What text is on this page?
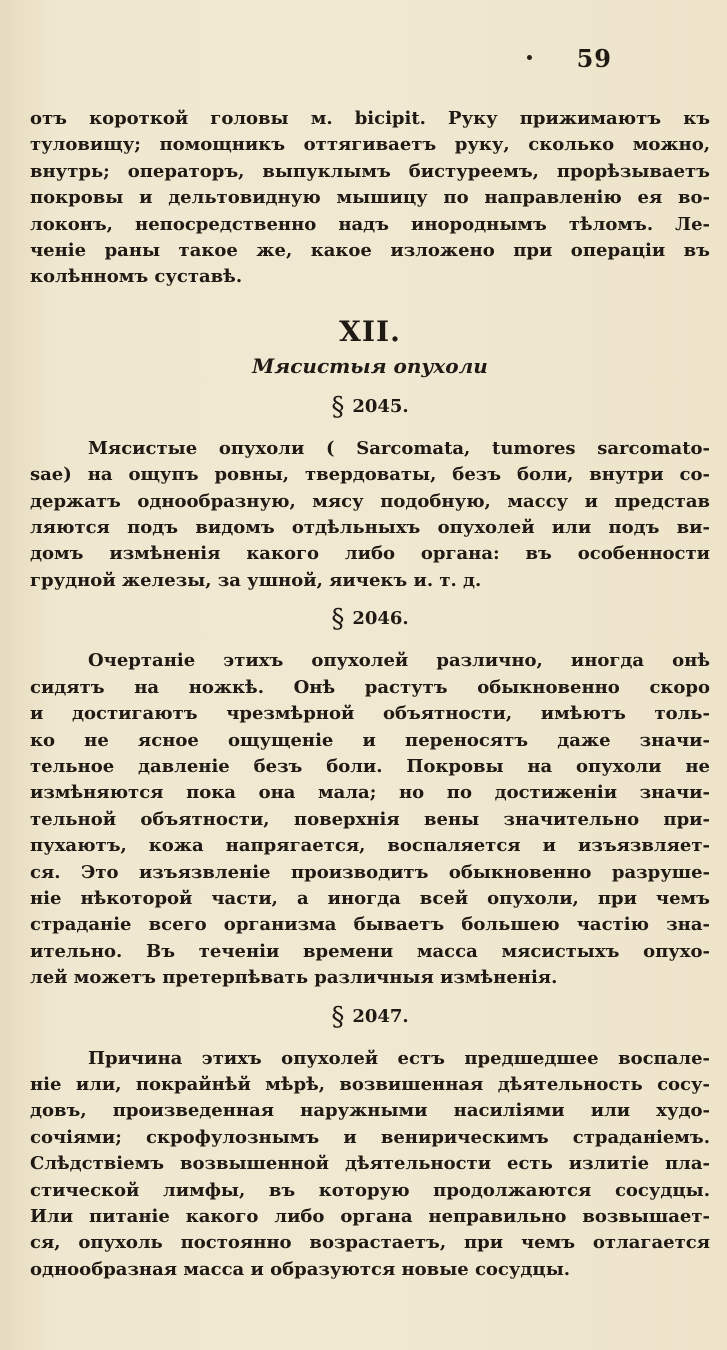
59

отъ короткой головы м. bicipit. Руку прижимаютъ къ
туловищу; помощникъ оттягиваетъ руку, сколько можно,
внутрь; операторъ, выпуклымъ бистуреемъ, прорѣзываетъ
покровы и дельтовидную мышицу по направленію ея во-
локонъ, непосредственно надъ инороднымъ тѣломъ. Ле-
ченіе раны такое же, какое изложено при операціи въ
колѣнномъ суставѣ.

XII.
Мясистыя опухоли
§ 2045.

Мясистые опухоли ( Sarcomata, tumores sarcomato-
sae) на ощупъ ровны, твердоваты, безъ боли, внутри со-
держатъ однообразную, мясу подобную, массу и представ
ляются подъ видомъ отдѣльныхъ опухолей или подъ ви-
домъ измѣненія какого либо органа: въ особенности
грудной железы, за ушной, яичекъ и. т. д.

§ 2046.

Очертаніе этихъ опухолей различно, иногда онѣ
сидятъ на ножкѣ. Онѣ растутъ обыкновенно скоро
и достигаютъ чрезмѣрной объятности, имѣютъ толь-
ко не ясное ощущеніе и переносятъ даже значи-
тельное давленіе безъ боли. Покровы на опухоли не
измѣняются пока она мала; но по достиженіи значи-
тельной объятности, поверхнія вены значительно при-
пухаютъ, кожа напрягается, воспаляется и изъязвляет-
ся. Это изъязвленіе производитъ обыкновенно разруше-
ніе нѣкоторой части, а иногда всей опухоли, при чемъ
страданіе всего организма бываетъ большею частію зна-
ительно. Въ теченіи времени масса мясистыхъ опухо-
лей можетъ претерпѣвать различныя измѣненія.

§ 2047.

Причина этихъ опухолей естъ предшедшее воспале-
ніе или, покрайнѣй мѣрѣ, возвишенная дѣятельность сосу-
довъ, произведенная наружными насиліями или худо-
сочіями; скрофулознымъ и венирическимъ страданіемъ.
Слѣдствіемъ возвышенной дѣятельности есть излитіе пла-
стической лимфы, въ которую продолжаются сосудцы.
Или питаніе какого либо органа неправильно возвышает-
ся, опухоль постоянно возрастаетъ, при чемъ отлагается
однообразная масса и образуются новые сосудцы.
